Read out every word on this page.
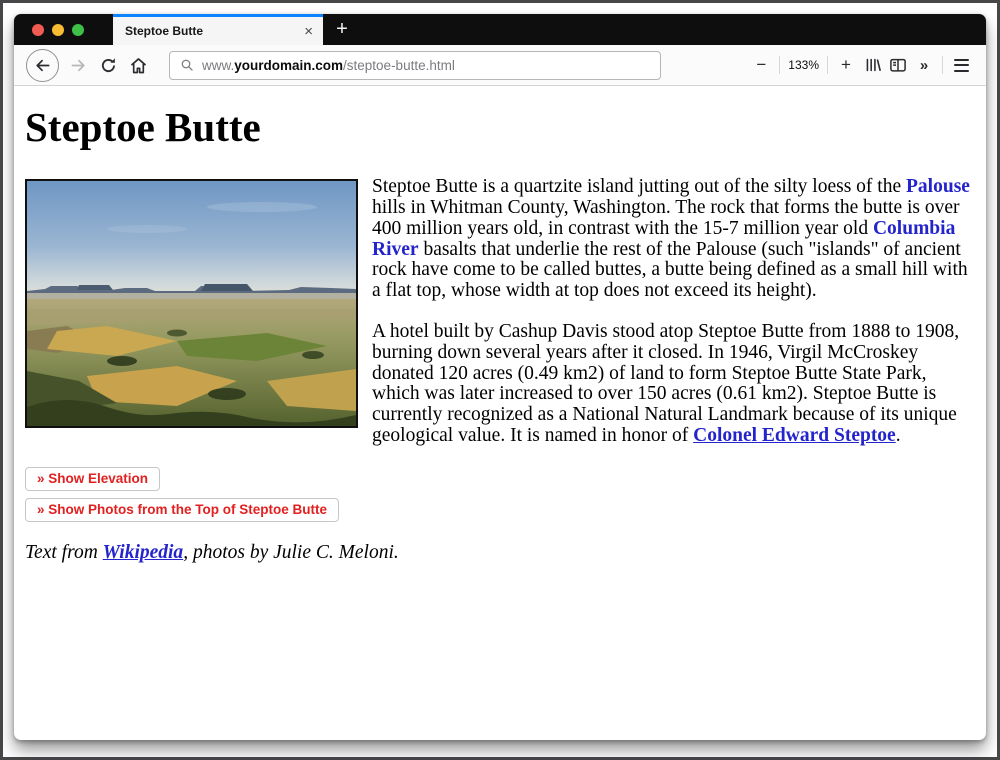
Steptoe Butte	×	+
www.yourdomain.com/steptoe-butte.html	−	133%	+	»
Steptoe Butte

Steptoe Butte is a quartzite island jutting out of the silty loess of the Palouse hills in Whitman County, Washington. The rock that forms the butte is over 400 million years old, in contrast with the 15-7 million year old Columbia River basalts that underlie the rest of the Palouse (such "islands" of ancient rock have come to be called buttes, a butte being defined as a small hill with a flat top, whose width at top does not exceed its height).

A hotel built by Cashup Davis stood atop Steptoe Butte from 1888 to 1908, burning down several years after it closed. In 1946, Virgil McCroskey donated 120 acres (0.49 km2) of land to form Steptoe Butte State Park, which was later increased to over 150 acres (0.61 km2). Steptoe Butte is currently recognized as a National Natural Landmark because of its unique geological value. It is named in honor of Colonel Edward Steptoe.

» Show Elevation
» Show Photos from the Top of Steptoe Butte

Text from Wikipedia, photos by Julie C. Meloni.
